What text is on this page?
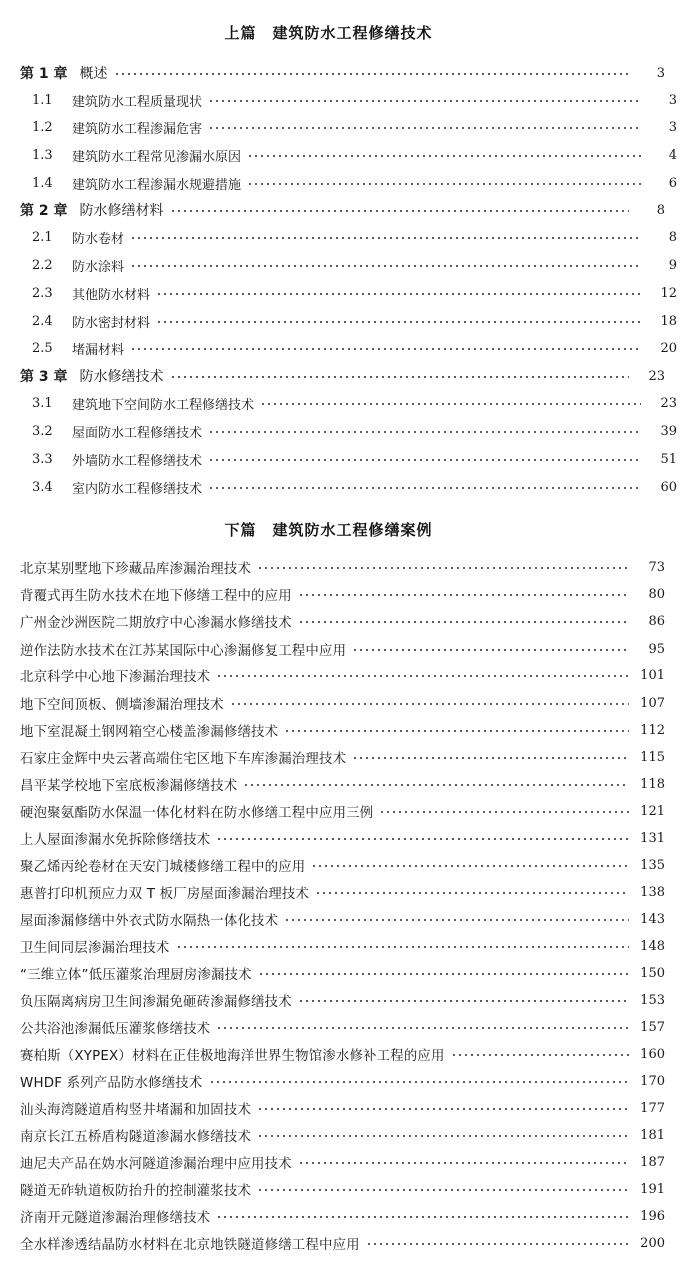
上篇　建筑防水工程修缮技术
第 1 章 概述	3
1.1	建筑防水工程质量现状	3
1.2	建筑防水工程渗漏危害	3
1.3	建筑防水工程常见渗漏水原因	4
1.4	建筑防水工程渗漏水规避措施	6
第 2 章 防水修缮材料	8
2.1	防水卷材	8
2.2	防水涂料	9
2.3	其他防水材料	12
2.4	防水密封材料	18
2.5	堵漏材料	20
第 3 章 防水修缮技术	23
3.1	建筑地下空间防水工程修缮技术	23
3.2	屋面防水工程修缮技术	39
3.3	外墙防水工程修缮技术	51
3.4	室内防水工程修缮技术	60
下篇　建筑防水工程修缮案例
北京某别墅地下珍藏品库渗漏治理技术	73
背覆式再生防水技术在地下修缮工程中的应用	80
广州金沙洲医院二期放疗中心渗漏水修缮技术	86
逆作法防水技术在江苏某国际中心渗漏修复工程中应用	95
北京科学中心地下渗漏治理技术	101
地下空间顶板、侧墙渗漏治理技术	107
地下室混凝土钢网箱空心楼盖渗漏修缮技术	112
石家庄金辉中央云著高端住宅区地下车库渗漏治理技术	115
昌平某学校地下室底板渗漏修缮技术	118
硬泡聚氨酯防水保温一体化材料在防水修缮工程中应用三例	121
上人屋面渗漏水免拆除修缮技术	131
聚乙烯丙纶卷材在天安门城楼修缮工程中的应用	135
惠普打印机预应力双 T 板厂房屋面渗漏治理技术	138
屋面渗漏修缮中外衣式防水隔热一体化技术	143
卫生间同层渗漏治理技术	148
“三维立体”低压灌浆治理厨房渗漏技术	150
负压隔离病房卫生间渗漏免砸砖渗漏修缮技术	153
公共浴池渗漏低压灌浆修缮技术	157
赛柏斯（XYPEX）材料在正佳极地海洋世界生物馆渗水修补工程的应用	160
WHDF 系列产品防水修缮技术	170
汕头海湾隧道盾构竖井堵漏和加固技术	177
南京长江五桥盾构隧道渗漏水修缮技术	181
迪尼夫产品在妫水河隧道渗漏治理中应用技术	187
隧道无砟轨道板防抬升的控制灌浆技术	191
济南开元隧道渗漏治理修缮技术	196
全水样渗透结晶防水材料在北京地铁隧道修缮工程中应用	200
